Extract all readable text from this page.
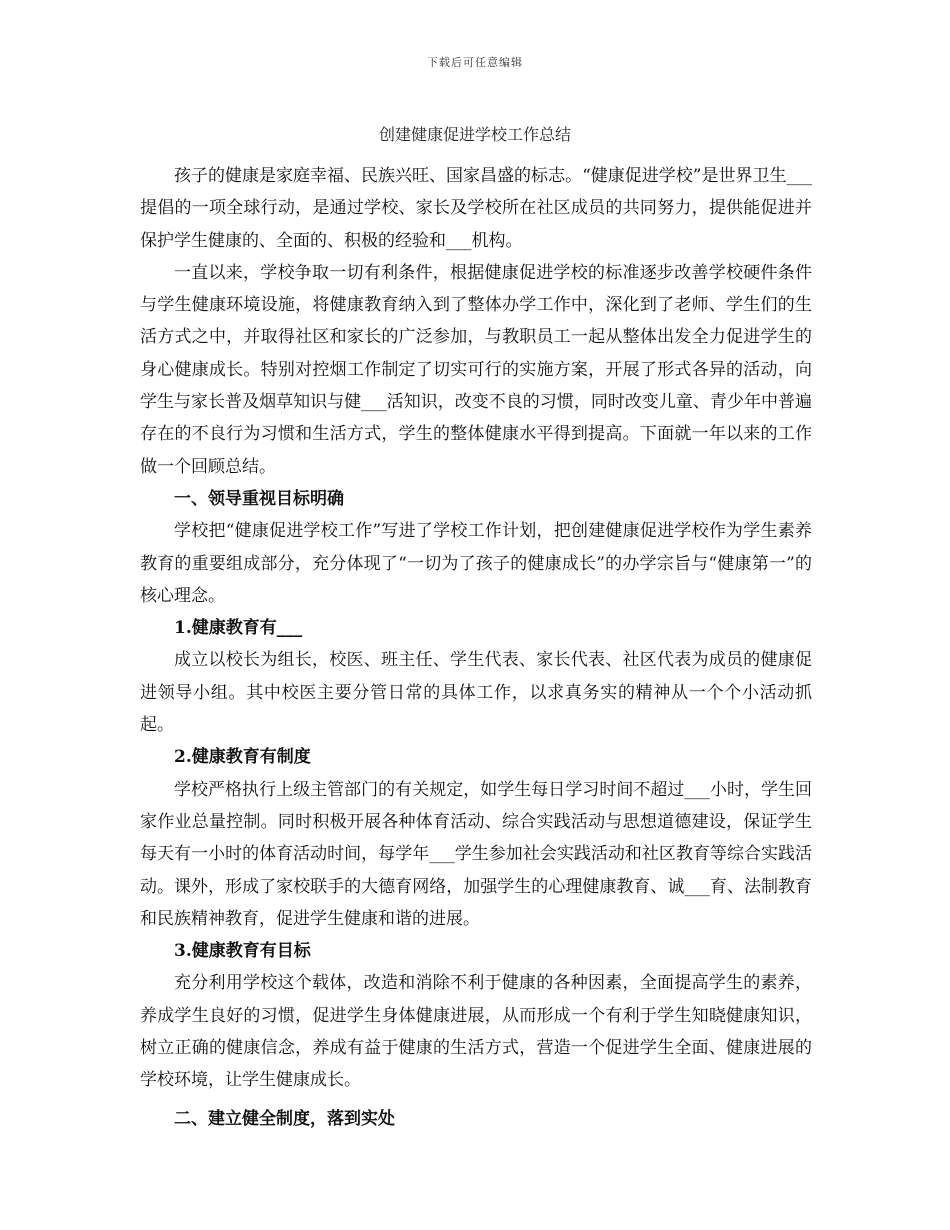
下载后可任意编辑
创建健康促进学校工作总结

孩子的健康是家庭幸福、民族兴旺、国家昌盛的标志。“健康促进学校”是世界卫生___提倡的一项全球行动，是通过学校、家长及学校所在社区成员的共同努力，提供能促进并保护学生健康的、全面的、积极的经验和___机构。

一直以来，学校争取一切有利条件，根据健康促进学校的标准逐步改善学校硬件条件与学生健康环境设施，将健康教育纳入到了整体办学工作中，深化到了老师、学生们的生活方式之中，并取得社区和家长的广泛参加，与教职员工一起从整体出发全力促进学生的身心健康成长。特别对控烟工作制定了切实可行的实施方案，开展了形式各异的活动，向学生与家长普及烟草知识与健___活知识，改变不良的习惯，同时改变儿童、青少年中普遍存在的不良行为习惯和生活方式，学生的整体健康水平得到提高。下面就一年以来的工作做一个回顾总结。

一、领导重视目标明确

学校把“健康促进学校工作”写进了学校工作计划，把创建健康促进学校作为学生素养教育的重要组成部分，充分体现了“一切为了孩子的健康成长”的办学宗旨与“健康第一”的核心理念。

1.健康教育有___

成立以校长为组长，校医、班主任、学生代表、家长代表、社区代表为成员的健康促进领导小组。其中校医主要分管日常的具体工作，以求真务实的精神从一个个小活动抓起。

2.健康教育有制度

学校严格执行上级主管部门的有关规定，如学生每日学习时间不超过___小时，学生回家作业总量控制。同时积极开展各种体育活动、综合实践活动与思想道德建设，保证学生每天有一小时的体育活动时间，每学年___学生参加社会实践活动和社区教育等综合实践活动。课外，形成了家校联手的大德育网络，加强学生的心理健康教育、诚___育、法制教育和民族精神教育，促进学生健康和谐的进展。

3.健康教育有目标

充分利用学校这个载体，改造和消除不利于健康的各种因素，全面提高学生的素养，养成学生良好的习惯，促进学生身体健康进展，从而形成一个有利于学生知晓健康知识，树立正确的健康信念，养成有益于健康的生活方式，营造一个促进学生全面、健康进展的学校环境，让学生健康成长。

二、建立健全制度，落到实处
